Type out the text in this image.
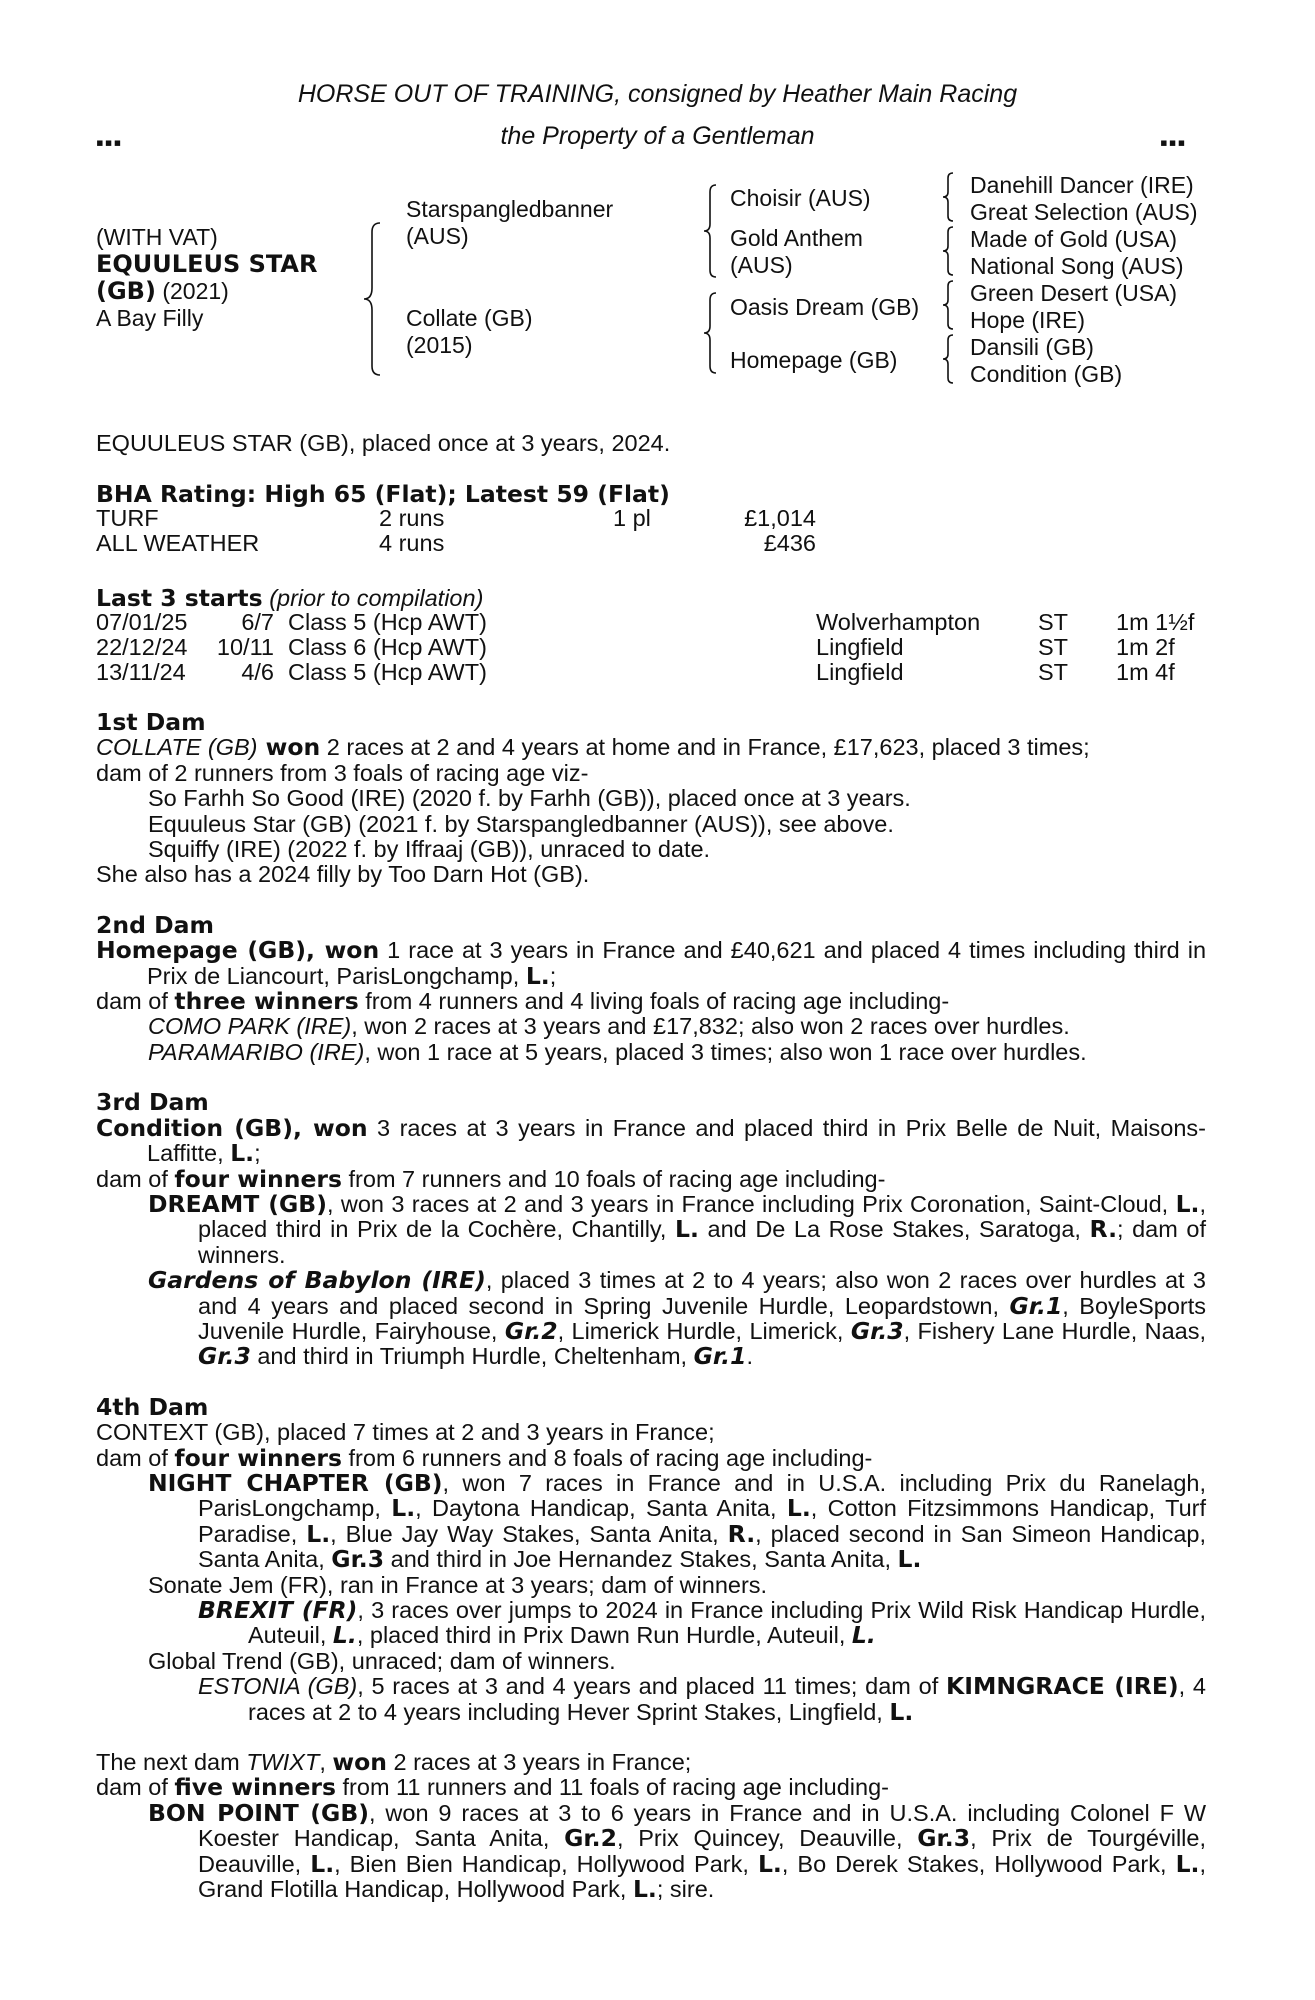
HORSE OUT OF TRAINING, consigned by Heather Main Racing
the Property of a Gentleman
▪▪▪	▪▪▪
(WITH VAT)
EQUULEUS STAR
(GB) (2021)
A Bay Filly
Starspangledbanner
(AUS)
Collate (GB)
(2015)
Choisir (AUS)
Gold Anthem
(AUS)
Oasis Dream (GB)
Homepage (GB)
Danehill Dancer (IRE)
Great Selection (AUS)
Made of Gold (USA)
National Song (AUS)
Green Desert (USA)
Hope (IRE)
Dansili (GB)
Condition (GB)
EQUULEUS STAR (GB), placed once at 3 years, 2024.
BHA Rating: High 65 (Flat); Latest 59 (Flat)
TURF	2 runs	1 pl	£1,014
ALL WEATHER	4 runs	£436
Last 3 starts (prior to compilation)
07/01/25	6/7 Class 5 (Hcp AWT)	Wolverhampton ST 1m 1½f
22/12/24	10/11 Class 6 (Hcp AWT)	Lingfield	ST 1m 2f
13/11/24	4/6 Class 5 (Hcp AWT)	Lingfield	ST 1m 4f
1st Dam
COLLATE (GB) won 2 races at 2 and 4 years at home and in France, £17,623, placed 3 times;
dam of 2 runners from 3 foals of racing age viz-
So Farhh So Good (IRE) (2020 f. by Farhh (GB)), placed once at 3 years.
Equuleus Star (GB) (2021 f. by Starspangledbanner (AUS)), see above.
Squiffy (IRE) (2022 f. by Iffraaj (GB)), unraced to date.
She also has a 2024 filly by Too Darn Hot (GB).
2nd Dam
Homepage (GB), won 1 race at 3 years in France and £40,621 and placed 4 times including third in Prix de Liancourt, ParisLongchamp, L.;
dam of three winners from 4 runners and 4 living foals of racing age including-
COMO PARK (IRE), won 2 races at 3 years and £17,832; also won 2 races over hurdles.
PARAMARIBO (IRE), won 1 race at 5 years, placed 3 times; also won 1 race over hurdles.
3rd Dam
Condition (GB), won 3 races at 3 years in France and placed third in Prix Belle de Nuit, Maisons-Laffitte, L.;
dam of four winners from 7 runners and 10 foals of racing age including-
DREAMT (GB), won 3 races at 2 and 3 years in France including Prix Coronation, Saint-Cloud, L., placed third in Prix de la Cochère, Chantilly, L. and De La Rose Stakes, Saratoga, R.; dam of winners.
Gardens of Babylon (IRE), placed 3 times at 2 to 4 years; also won 2 races over hurdles at 3 and 4 years and placed second in Spring Juvenile Hurdle, Leopardstown, Gr.1, BoyleSports Juvenile Hurdle, Fairyhouse, Gr.2, Limerick Hurdle, Limerick, Gr.3, Fishery Lane Hurdle, Naas, Gr.3 and third in Triumph Hurdle, Cheltenham, Gr.1.
4th Dam
CONTEXT (GB), placed 7 times at 2 and 3 years in France;
dam of four winners from 6 runners and 8 foals of racing age including-
NIGHT CHAPTER (GB), won 7 races in France and in U.S.A. including Prix du Ranelagh, ParisLongchamp, L., Daytona Handicap, Santa Anita, L., Cotton Fitzsimmons Handicap, Turf Paradise, L., Blue Jay Way Stakes, Santa Anita, R., placed second in San Simeon Handicap, Santa Anita, Gr.3 and third in Joe Hernandez Stakes, Santa Anita, L.
Sonate Jem (FR), ran in France at 3 years; dam of winners.
BREXIT (FR), 3 races over jumps to 2024 in France including Prix Wild Risk Handicap Hurdle, Auteuil, L., placed third in Prix Dawn Run Hurdle, Auteuil, L.
Global Trend (GB), unraced; dam of winners.
ESTONIA (GB), 5 races at 3 and 4 years and placed 11 times; dam of KIMNGRACE (IRE), 4 races at 2 to 4 years including Hever Sprint Stakes, Lingfield, L.
The next dam TWIXT, won 2 races at 3 years in France;
dam of five winners from 11 runners and 11 foals of racing age including-
BON POINT (GB), won 9 races at 3 to 6 years in France and in U.S.A. including Colonel F W Koester Handicap, Santa Anita, Gr.2, Prix Quincey, Deauville, Gr.3, Prix de Tourgéville, Deauville, L., Bien Bien Handicap, Hollywood Park, L., Bo Derek Stakes, Hollywood Park, L., Grand Flotilla Handicap, Hollywood Park, L.; sire.
